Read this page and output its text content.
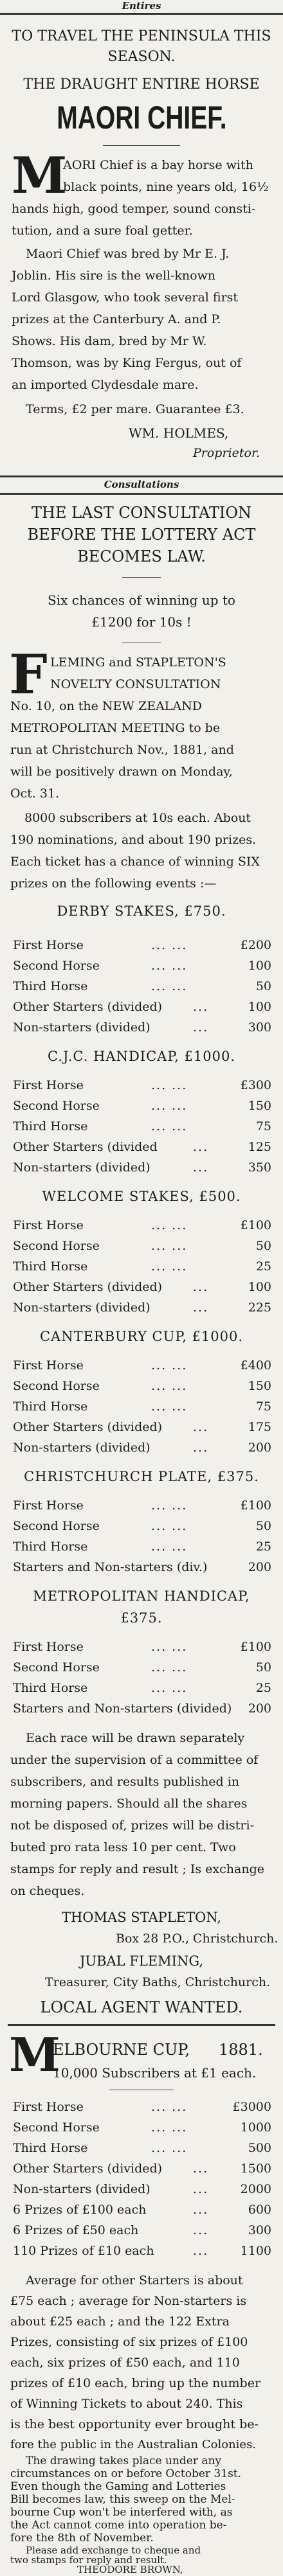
Entires
TO TRAVEL THE PENINSULA THIS
SEASON.
THE DRAUGHT ENTIRE HORSE
MAORI CHIEF.
M
AORI Chief is a bay horse with
black points, nine years old, 16½
hands high, good temper, sound consti-
tution, and a sure foal getter.
Maori Chief was bred by Mr E. J.
Joblin. His sire is the well-known
Lord Glasgow, who took several first
prizes at the Canterbury A. and P.
Shows. His dam, bred by Mr W.
Thomson, was by King Fergus, out of
an imported Clydesdale mare.
Terms, £2 per mare. Guarantee £3.
WM. HOLMES,
Proprietor.
Consultations
THE LAST CONSULTATION
BEFORE THE LOTTERY ACT
BECOMES LAW.
Six chances of winning up to
£1200 for 10s !
F LEMING and STAPLETON'S
NOVELTY CONSULTATION
No. 10, on the NEW ZEALAND
METROPOLITAN MEETING to be
run at Christchurch Nov., 1881, and
will be positively drawn on Monday,
Oct. 31.
8000 subscribers at 10s each. About
190 nominations, and about 190 prizes.
Each ticket has a chance of winning SIX
prizes on the following events :—
DERBY STAKES, £750.
First Horse	... ...	£200
Second Horse	... ...	100
Third Horse	... ...	50
Other Starters (divided)	...	100
Non-starters (divided)	...	300
C.J.C. HANDICAP, £1000.
First Horse	... ...	£300
Second Horse	... ...	150
Third Horse	... ...	75
Other Starters (divided	...	125
Non-starters (divided)	...	350
WELCOME STAKES, £500.
First Horse	... ...	£100
Second Horse	... ...	50
Third Horse	... ...	25
Other Starters (divided)	...	100
Non-starters (divided)	...	225
CANTERBURY CUP, £1000.
First Horse	... ...	£400
Second Horse	... ...	150
Third Horse	... ...	75
Other Starters (divided)	...	175
Non-starters (divided)	...	200
CHRISTCHURCH PLATE, £375.
First Horse	... ...	£100
Second Horse	... ...	50
Third Horse	... ...	25
Starters and Non-starters (div.)	200
METROPOLITAN HANDICAP,
£375.
First Horse	... ...	£100
Second Horse	... ...	50
Third Horse	... ...	25
Starters and Non-starters (divided) 200
Each race will be drawn separately
under the supervision of a committee of
subscribers, and results published in
morning papers. Should all the shares
not be disposed of, prizes will be distri-
buted pro rata less 10 per cent. Two
stamps for reply and result ; Is exchange
on cheques.
THOMAS STAPLETON,
Box 28 P.O., Christchurch.
JUBAL FLEMING,
Treasurer, City Baths, Christchurch.
LOCAL AGENT WANTED.
M
ELBOURNE CUP, 1881.
10,000 Subscribers at £1 each.
First Horse	... ...	£3000
Second Horse	... ...	1000
Third Horse	... ...	500
Other Starters (divided)	...	1500
Non-starters (divided)	...	2000
6 Prizes of £100 each	...	600
6 Prizes of £50 each	...	300
110 Prizes of £10 each	...	1100
Average for other Starters is about
£75 each ; average for Non-starters is
about £25 each ; and the 122 Extra
Prizes, consisting of six prizes of £100
each, six prizes of £50 each, and 110
prizes of £10 each, bring up the number
of Winning Tickets to about 240. This
is the best opportunity ever brought be-
fore the public in the Australian Colonies.
The drawing takes place under any
circumstances on or before October 31st.
Even though the Gaming and Lotteries
Bill becomes law, this sweep on the Mel-
bourne Cup won't be interfered with, as
the Act cannot come into operation be-
fore the 8th of November.
Please add exchange to cheque and
two stamps for reply and result.
THEODORE BROWN,
